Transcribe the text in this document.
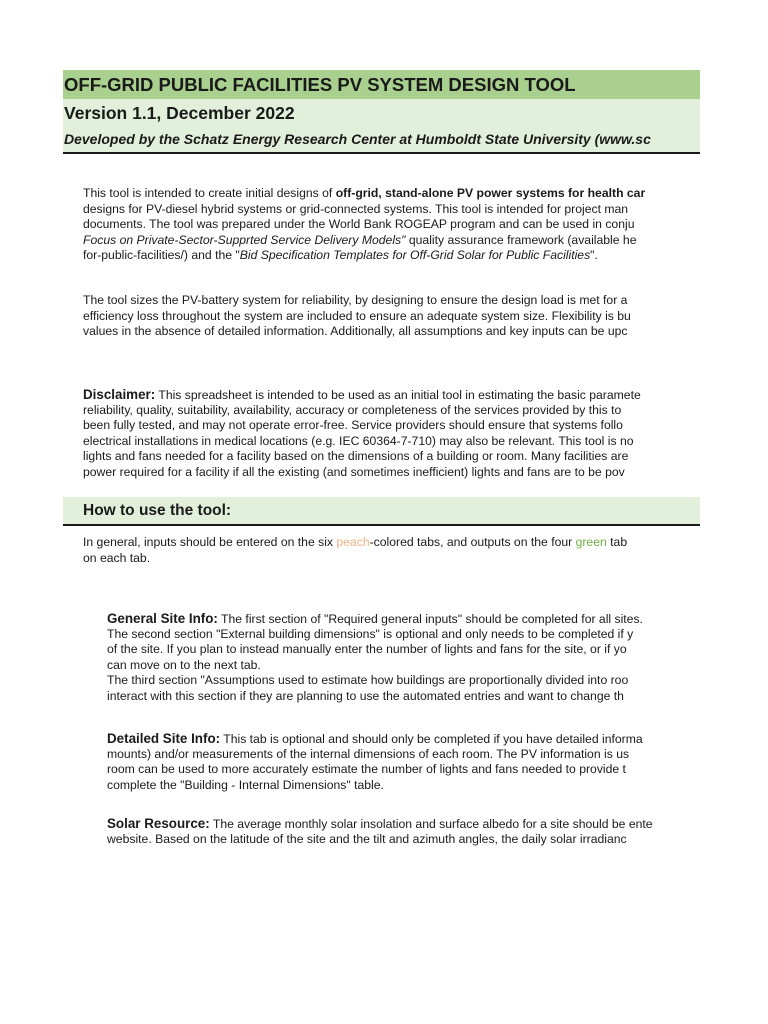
OFF-GRID PUBLIC FACILITIES PV SYSTEM DESIGN TOOL
Version 1.1, December 2022
Developed by the Schatz Energy Research Center at Humboldt State University (www.sc
This tool is intended to create initial designs of off-grid, stand-alone PV power systems for health car
designs for PV-diesel hybrid systems or grid-connected systems. This tool is intended for project man
documents. The tool was prepared under the World Bank ROGEAP program and can be used in conju
Focus on Private-Sector-Supprted Service Delivery Models" quality assurance framework (available he
for-public-facilities/) and the "Bid Specification Templates for Off-Grid Solar for Public Facilities".
The tool sizes the PV-battery system for reliability, by designing to ensure the design load is met for a
efficiency loss throughout the system are included to ensure an adequate system size. Flexibility is bu
values in the absence of detailed information. Additionally, all assumptions and key inputs can be upc
Disclaimer: This spreadsheet is intended to be used as an initial tool in estimating the basic paramete
reliability, quality, suitability, availability, accuracy or completeness of the services provided by this to
been fully tested, and may not operate error-free. Service providers should ensure that systems follo
electrical installations in medical locations (e.g. IEC 60364-7-710) may also be relevant. This tool is no
lights and fans needed for a facility based on the dimensions of a building or room. Many facilities are
power required for a facility if all the existing (and sometimes inefficient) lights and fans are to be pov
How to use the tool:
In general, inputs should be entered on the six peach-colored tabs, and outputs on the four green tab
on each tab.
General Site Info: The first section of "Required general inputs" should be completed for all sites.
The second section "External building dimensions" is optional and only needs to be completed if y
of the site. If you plan to instead manually enter the number of lights and fans for the site, or if yo
can move on to the next tab.
The third section "Assumptions used to estimate how buildings are proportionally divided into roo
interact with this section if they are planning to use the automated entries and want to change th
Detailed Site Info: This tab is optional and should only be completed if you have detailed informa
mounts) and/or measurements of the internal dimensions of each room. The PV information is us
room can be used to more accurately estimate the number of lights and fans needed to provide t
complete the "Building - Internal Dimensions" table.
Solar Resource: The average monthly solar insolation and surface albedo for a site should be ente
website. Based on the latitude of the site and the tilt and azimuth angles, the daily solar irradianc
